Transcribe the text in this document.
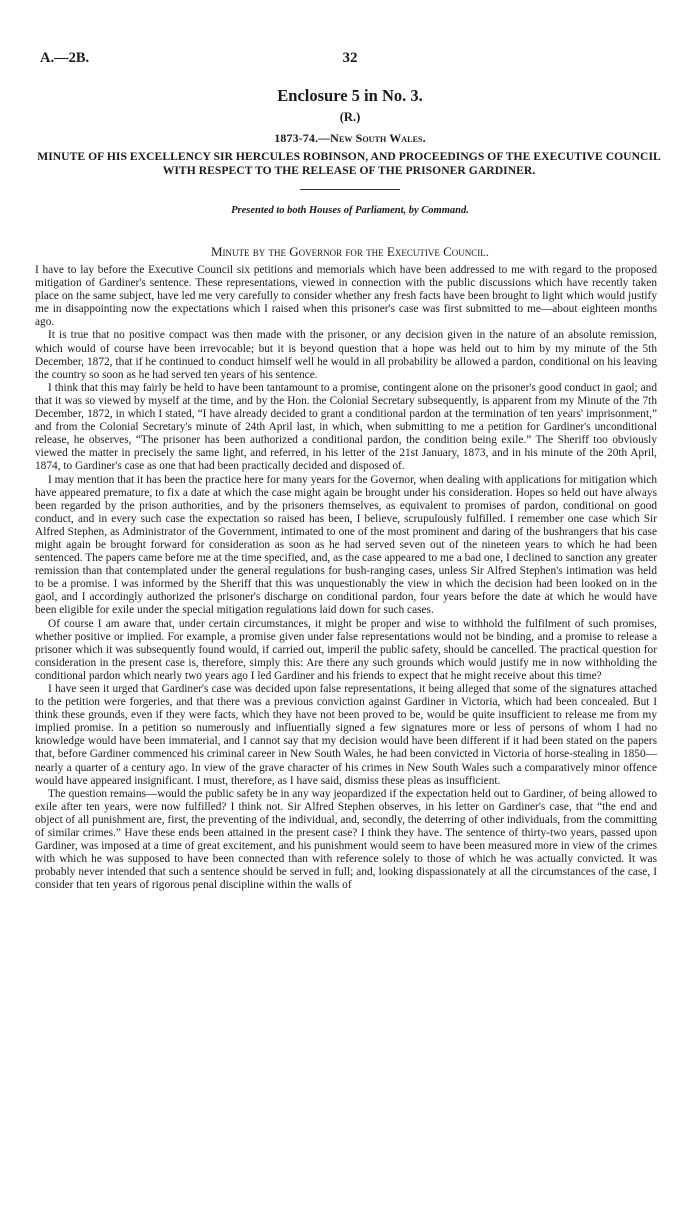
A.—2B.	32
Enclosure 5 in No. 3.
(R.)
1873-74.—New South Wales.
MINUTE OF HIS EXCELLENCY SIR HERCULES ROBINSON, AND PROCEEDINGS OF THE EXECUTIVE COUNCIL WITH RESPECT TO THE RELEASE OF THE PRISONER GARDINER.
Presented to both Houses of Parliament, by Command.
Minute by the Governor for the Executive Council.

I have to lay before the Executive Council six petitions and memorials which have been addressed to me with regard to the proposed mitigation of Gardiner's sentence. These representations, viewed in connection with the public discussions which have recently taken place on the same subject, have led me very carefully to consider whether any fresh facts have been brought to light which would justify me in disappointing now the expectations which I raised when this prisoner's case was first submitted to me—about eighteen months ago.

It is true that no positive compact was then made with the prisoner, or any decision given in the nature of an absolute remission, which would of course have been irrevocable; but it is beyond question that a hope was held out to him by my minute of the 5th December, 1872, that if he continued to conduct himself well he would in all probability be allowed a pardon, conditional on his leaving the country so soon as he had served ten years of his sentence.

I think that this may fairly be held to have been tantamount to a promise, contingent alone on the prisoner's good conduct in gaol; and that it was so viewed by myself at the time, and by the Hon. the Colonial Secretary subsequently, is apparent from my Minute of the 7th December, 1872, in which I stated, “I have already decided to grant a conditional pardon at the termination of ten years' imprisonment,” and from the Colonial Secretary's minute of 24th April last, in which, when submitting to me a petition for Gardiner's unconditional release, he observes, “The prisoner has been authorized a conditional pardon, the condition being exile.” The Sheriff too obviously viewed the matter in precisely the same light, and referred, in his letter of the 21st January, 1873, and in his minute of the 20th April, 1874, to Gardiner's case as one that had been practically decided and disposed of.

I may mention that it has been the practice here for many years for the Governor, when dealing with applications for mitigation which have appeared premature, to fix a date at which the case might again be brought under his consideration. Hopes so held out have always been regarded by the prison authorities, and by the prisoners themselves, as equivalent to promises of pardon, conditional on good conduct, and in every such case the expectation so raised has been, I believe, scrupulously fulfilled. I remember one case which Sir Alfred Stephen, as Administrator of the Government, intimated to one of the most prominent and daring of the bushrangers that his case might again be brought forward for consideration as soon as he had served seven out of the nineteen years to which he had been sentenced. The papers came before me at the time specified, and, as the case appeared to me a bad one, I declined to sanction any greater remission than that contemplated under the general regulations for bush-ranging cases, unless Sir Alfred Stephen's intimation was held to be a promise. I was informed by the Sheriff that this was unquestionably the view in which the decision had been looked on in the gaol, and I accordingly authorized the prisoner's discharge on conditional pardon, four years before the date at which he would have been eligible for exile under the special mitigation regulations laid down for such cases.

Of course I am aware that, under certain circumstances, it might be proper and wise to withhold the fulfilment of such promises, whether positive or implied. For example, a promise given under false representations would not be binding, and a promise to release a prisoner which it was subsequently found would, if carried out, imperil the public safety, should be cancelled. The practical question for consideration in the present case is, therefore, simply this: Are there any such grounds which would justify me in now withholding the conditional pardon which nearly two years ago I led Gardiner and his friends to expect that he might receive about this time?

I have seen it urged that Gardiner's case was decided upon false representations, it being alleged that some of the signatures attached to the petition were forgeries, and that there was a previous conviction against Gardiner in Victoria, which had been concealed. But I think these grounds, even if they were facts, which they have not been proved to be, would be quite insufficient to release me from my implied promise. In a petition so numerously and influentially signed a few signatures more or less of persons of whom I had no knowledge would have been immaterial, and I cannot say that my decision would have been different if it had been stated on the papers that, before Gardiner commenced his criminal career in New South Wales, he had been convicted in Victoria of horse-stealing in 1850—nearly a quarter of a century ago. In view of the grave character of his crimes in New South Wales such a comparatively minor offence would have appeared insignificant. I must, therefore, as I have said, dismiss these pleas as insufficient.

The question remains—would the public safety be in any way jeopardized if the expectation held out to Gardiner, of being allowed to exile after ten years, were now fulfilled? I think not. Sir Alfred Stephen observes, in his letter on Gardiner's case, that “the end and object of all punishment are, first, the preventing of the individual, and, secondly, the deterring of other individuals, from the committing of similar crimes.” Have these ends been attained in the present case? I think they have. The sentence of thirty-two years, passed upon Gardiner, was imposed at a time of great excitement, and his punishment would seem to have been measured more in view of the crimes with which he was supposed to have been connected than with reference solely to those of which he was actually convicted. It was probably never intended that such a sentence should be served in full; and, looking dispassionately at all the circumstances of the case, I consider that ten years of rigorous penal discipline within the walls of
